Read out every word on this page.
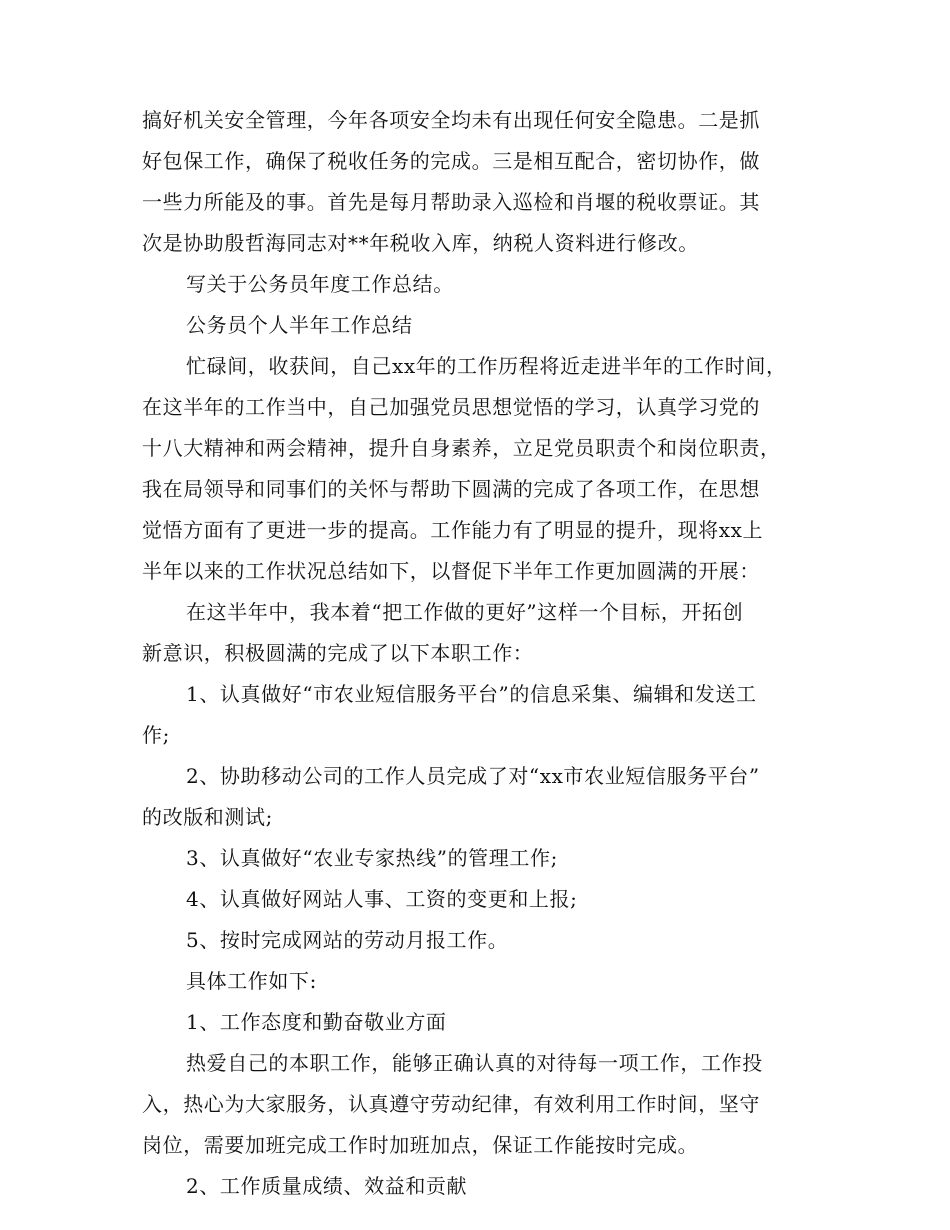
搞好机关安全管理，今年各项安全均未有出现任何安全隐患。二是抓
好包保工作，确保了税收任务的完成。三是相互配合，密切协作，做
一些力所能及的事。首先是每月帮助录入巡检和肖堰的税收票证。其
次是协助殷哲海同志对**年税收入库，纳税人资料进行修改。
写关于公务员年度工作总结。
公务员个人半年工作总结
忙碌间，收获间，自己xx年的工作历程将近走进半年的工作时间，
在这半年的工作当中，自己加强党员思想觉悟的学习，认真学习党的
十八大精神和两会精神，提升自身素养，立足党员职责个和岗位职责，
我在局领导和同事们的关怀与帮助下圆满的完成了各项工作，在思想
觉悟方面有了更进一步的提高。工作能力有了明显的提升，现将xx上
半年以来的工作状况总结如下，以督促下半年工作更加圆满的开展：
在这半年中，我本着“把工作做的更好”这样一个目标，开拓创
新意识，积极圆满的完成了以下本职工作：
1、认真做好“市农业短信服务平台”的信息采集、编辑和发送工
作;
2、协助移动公司的工作人员完成了对“xx市农业短信服务平台”
的改版和测试;
3、认真做好“农业专家热线”的管理工作;
4、认真做好网站人事、工资的变更和上报;
5、按时完成网站的劳动月报工作。
具体工作如下:
1、工作态度和勤奋敬业方面
热爱自己的本职工作，能够正确认真的对待每一项工作，工作投
入，热心为大家服务，认真遵守劳动纪律，有效利用工作时间，坚守
岗位，需要加班完成工作时加班加点，保证工作能按时完成。
2、工作质量成绩、效益和贡献
